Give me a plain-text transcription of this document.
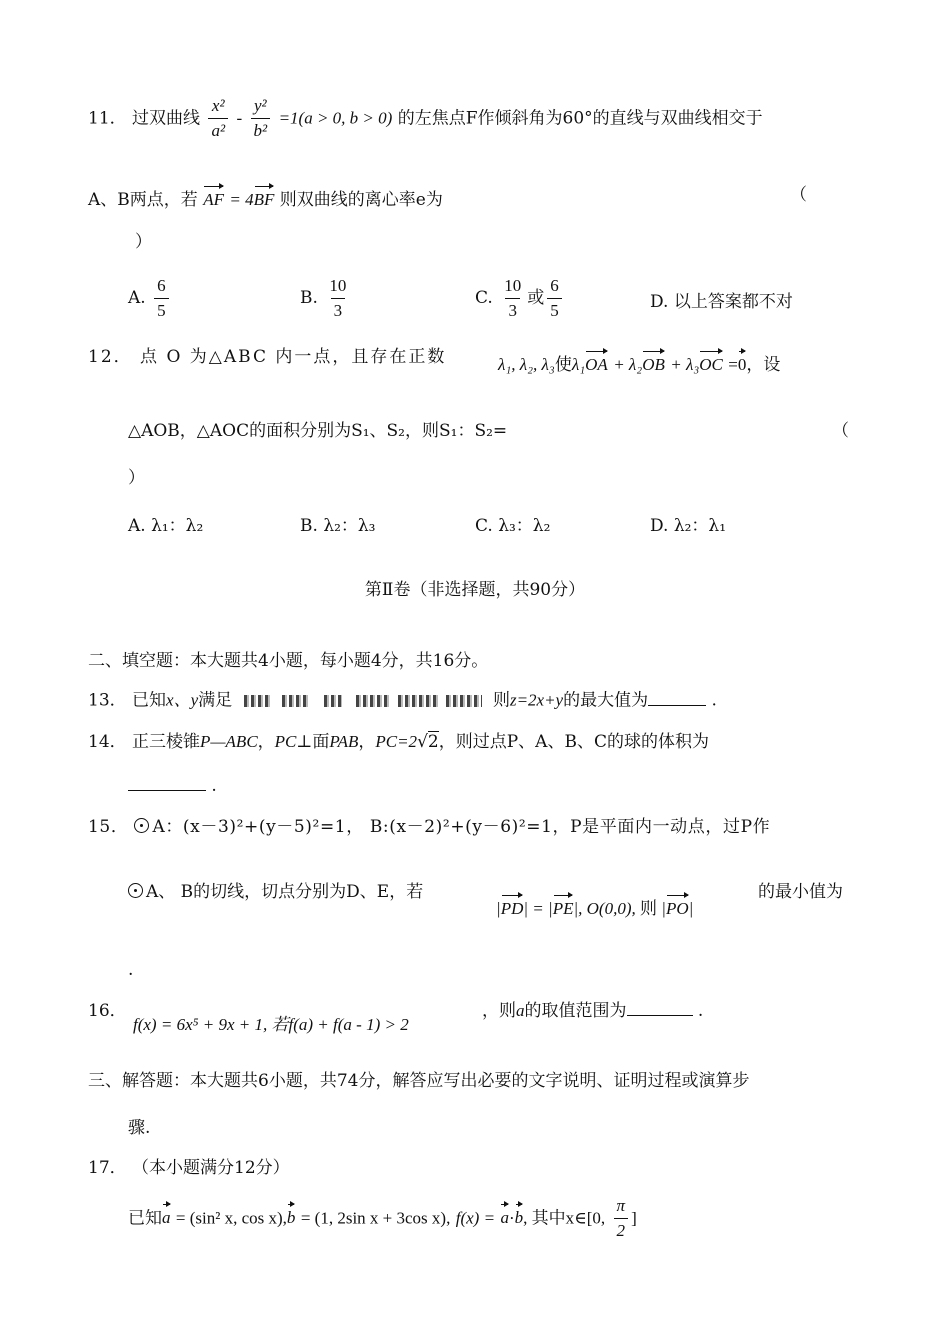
11． 过双曲线 $\frac{\text{x²}}{\text{a²}} - \frac{\text{y²}}{\text{b²}} =1(a > 0$, b > 0) 的左焦点F作倾斜角为60°的直线与双曲线相交于
A、B两点，若 AF = 4BF 则双曲线的离心率e为	（
）
A. $\frac{6}{5}$	B. $\frac{10}{3}$	C. $\frac{10}{3}$ 或 $\frac{6}{5}$	D. 以上答案都不对
12． 点 O 为△ABC 内一点，且存在正数	λ₁, λ₂, λ₃使λ₁OA + λ₂OB + λ₃OC =0，设
△AOB，△AOC的面积分别为S₁、S₂，则S₁：S₂=	（
）
A. λ₁：λ₂	B. λ₂：λ₃	C. λ₃：λ₂	D. λ₂：λ₁
第Ⅱ卷（非选择题，共90分）
二、填空题：本大题共4小题，每小题4分，共16分。
13． 已知x、y满足	则z=2x+y的最大值为	.
14． 正三棱锥P—ABC，PC⊥面PAB，PC=2√2，则过点P、A、B、C的球的体积为
.
15． A：(x－3)²+(y－5)²=1， B:(x－2)²+(y－6)²=1，P是平面内一动点，过P作
A、 B的切线，切点分别为D、E，若
|PD| = |PE|, O(0,0), 则 |PO|
的最小值为
.
16．
f(x) = 6x⁵ + 9x + 1, 若f(a) + f(a - 1) > 2
，则a的取值范围为	.
三、解答题：本大题共6小题，共74分，解答应写出必要的文字说明、证明过程或演算步
骤.
17． （本小题满分12分）
已知a = (sin² x, cos x),b = (1, 2sin x + 3cos x), f(x) = a·b, 其中x∈[0, $\frac{\pi}{2}$ ]
